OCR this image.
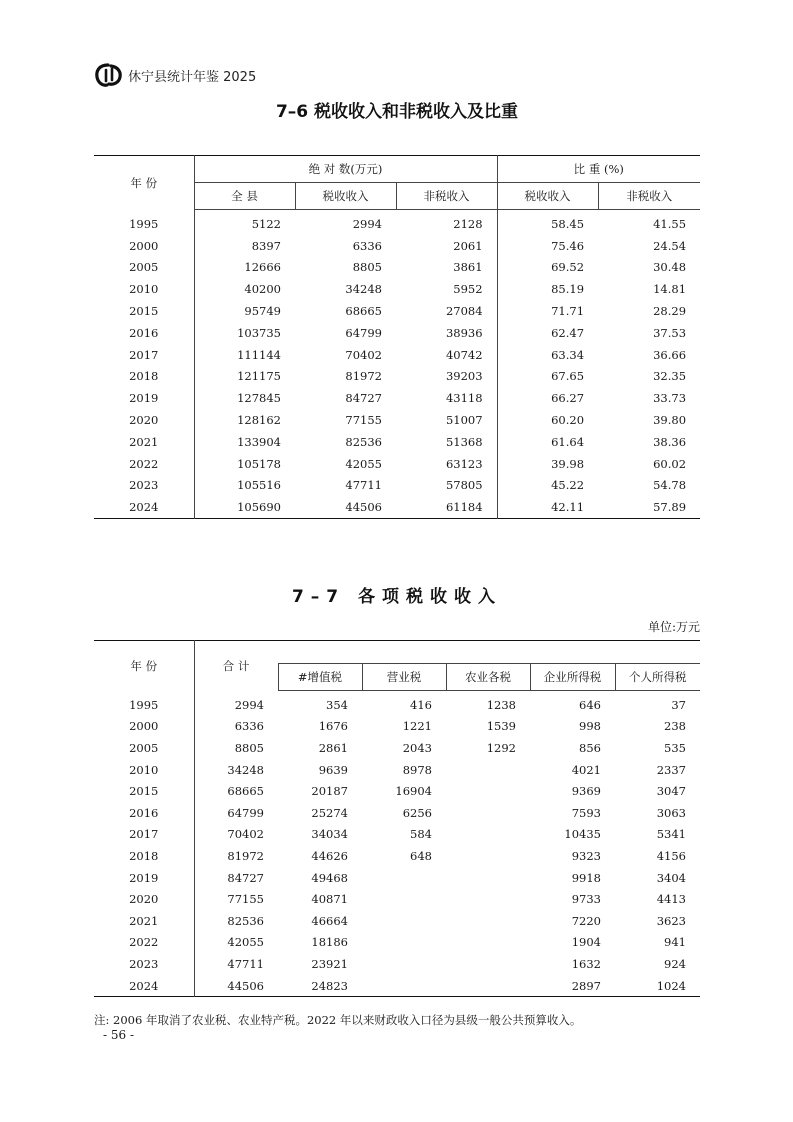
休宁县统计年鉴 2025
7–6 税收收入和非税收入及比重
年 份	绝 对 数(万元)			比 重 (%)	
	全 县	税收收入	非税收入	税收收入	非税收入
1995	5122	2994	2128	58.45	41.55
2000	8397	6336	2061	75.46	24.54
2005	12666	8805	3861	69.52	30.48
2010	40200	34248	5952	85.19	14.81
2015	95749	68665	27084	71.71	28.29
2016	103735	64799	38936	62.47	37.53
2017	111144	70402	40742	63.34	36.66
2018	121175	81972	39203	67.65	32.35
2019	127845	84727	43118	66.27	33.73
2020	128162	77155	51007	60.20	39.80
2021	133904	82536	51368	61.64	38.36
2022	105178	42055	63123	39.98	60.02
2023	105516	47711	57805	45.22	54.78
2024	105690	44506	61184	42.11	57.89
7–7 各项税收收入
单位:万元
年 份	合 计					
		#增值税	营业税	农业各税	企业所得税	个人所得税
1995	2994	354	416	1238	646	37
2000	6336	1676	1221	1539	998	238
2005	8805	2861	2043	1292	856	535
2010	34248	9639	8978		4021	2337
2015	68665	20187	16904		9369	3047
2016	64799	25274	6256		7593	3063
2017	70402	34034	584		10435	5341
2018	81972	44626	648		9323	4156
2019	84727	49468			9918	3404
2020	77155	40871			9733	4413
2021	82536	46664			7220	3623
2022	42055	18186			1904	941
2023	47711	23921			1632	924
2024	44506	24823			2897	1024
注: 2006 年取消了农业税、农业特产税。2022 年以来财政收入口径为县级一般公共预算收入。
- 56 -
